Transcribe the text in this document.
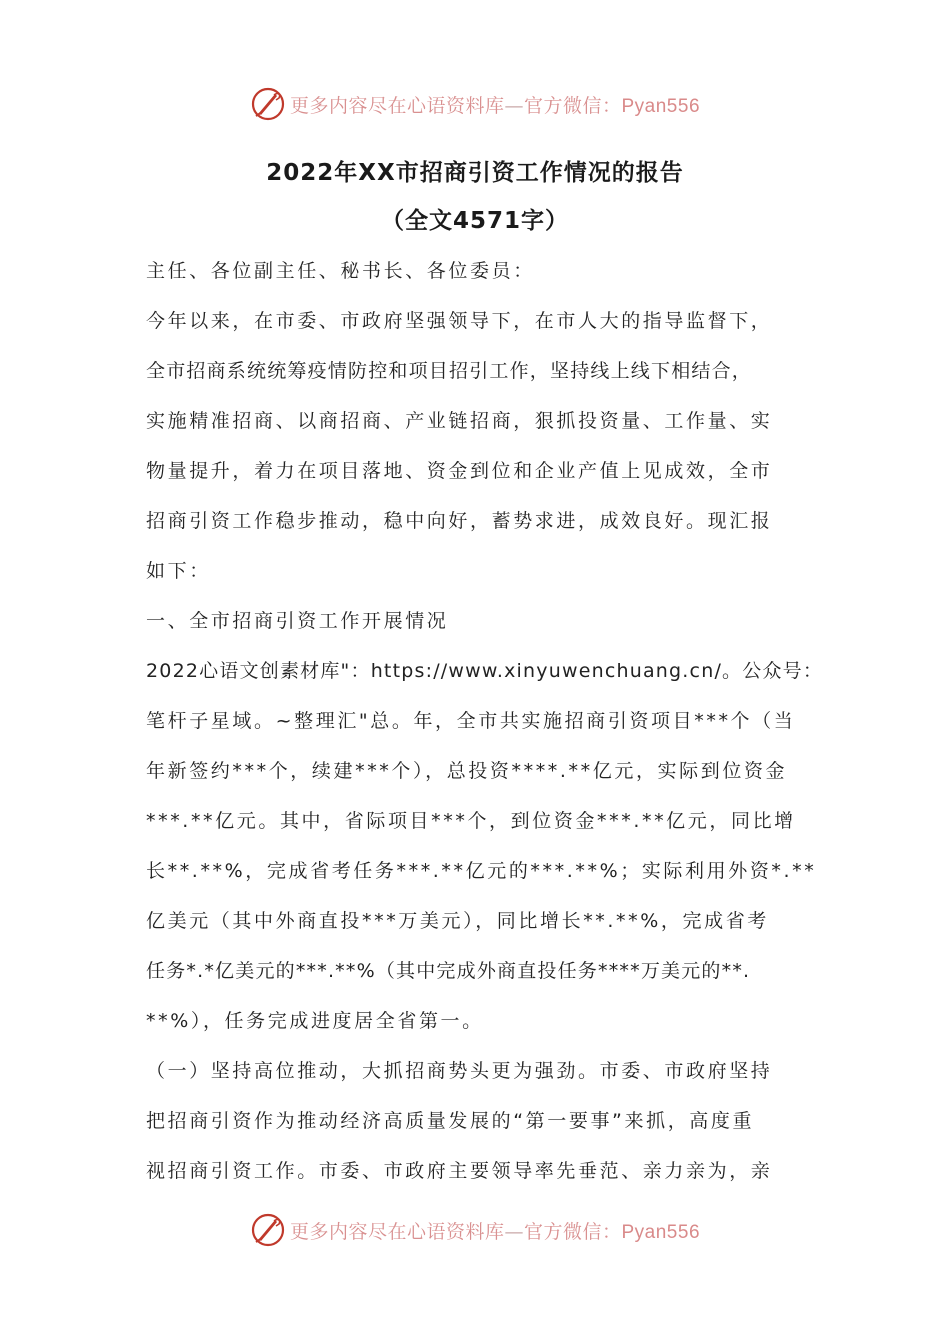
更多内容尽在心语资料库—官方微信：Pyan556
2022年XX市招商引资工作情况的报告
（全文4571字）
主任、各位副主任、秘书长、各位委员：
今年以来，在市委、市政府坚强领导下，在市人大的指导监督下，
全市招商系统统筹疫情防控和项目招引工作，坚持线上线下相结合，
实施精准招商、以商招商、产业链招商，狠抓投资量、工作量、实
物量提升，着力在项目落地、资金到位和企业产值上见成效，全市
招商引资工作稳步推动，稳中向好，蓄势求进，成效良好。现汇报
如下：
一、全市招商引资工作开展情况
2022心语文创素材库"：https://www.xinyuwenchuang.cn/。公众号：
笔杆子星域。~整理汇"总。年，全市共实施招商引资项目***个（当
年新签约***个，续建***个），总投资****.**亿元，实际到位资金
***.**亿元。其中，省际项目***个，到位资金***.**亿元，同比增
长**.**%，完成省考任务***.**亿元的***.**%；实际利用外资*.**
亿美元（其中外商直投***万美元），同比增长**.**%，完成省考
任务*.*亿美元的***.**%（其中完成外商直投任务****万美元的**.
**%），任务完成进度居全省第一。
（一）坚持高位推动，大抓招商势头更为强劲。市委、市政府坚持
把招商引资作为推动经济高质量发展的“第一要事”来抓，高度重
视招商引资工作。市委、市政府主要领导率先垂范、亲力亲为，亲
更多内容尽在心语资料库—官方微信：Pyan556
